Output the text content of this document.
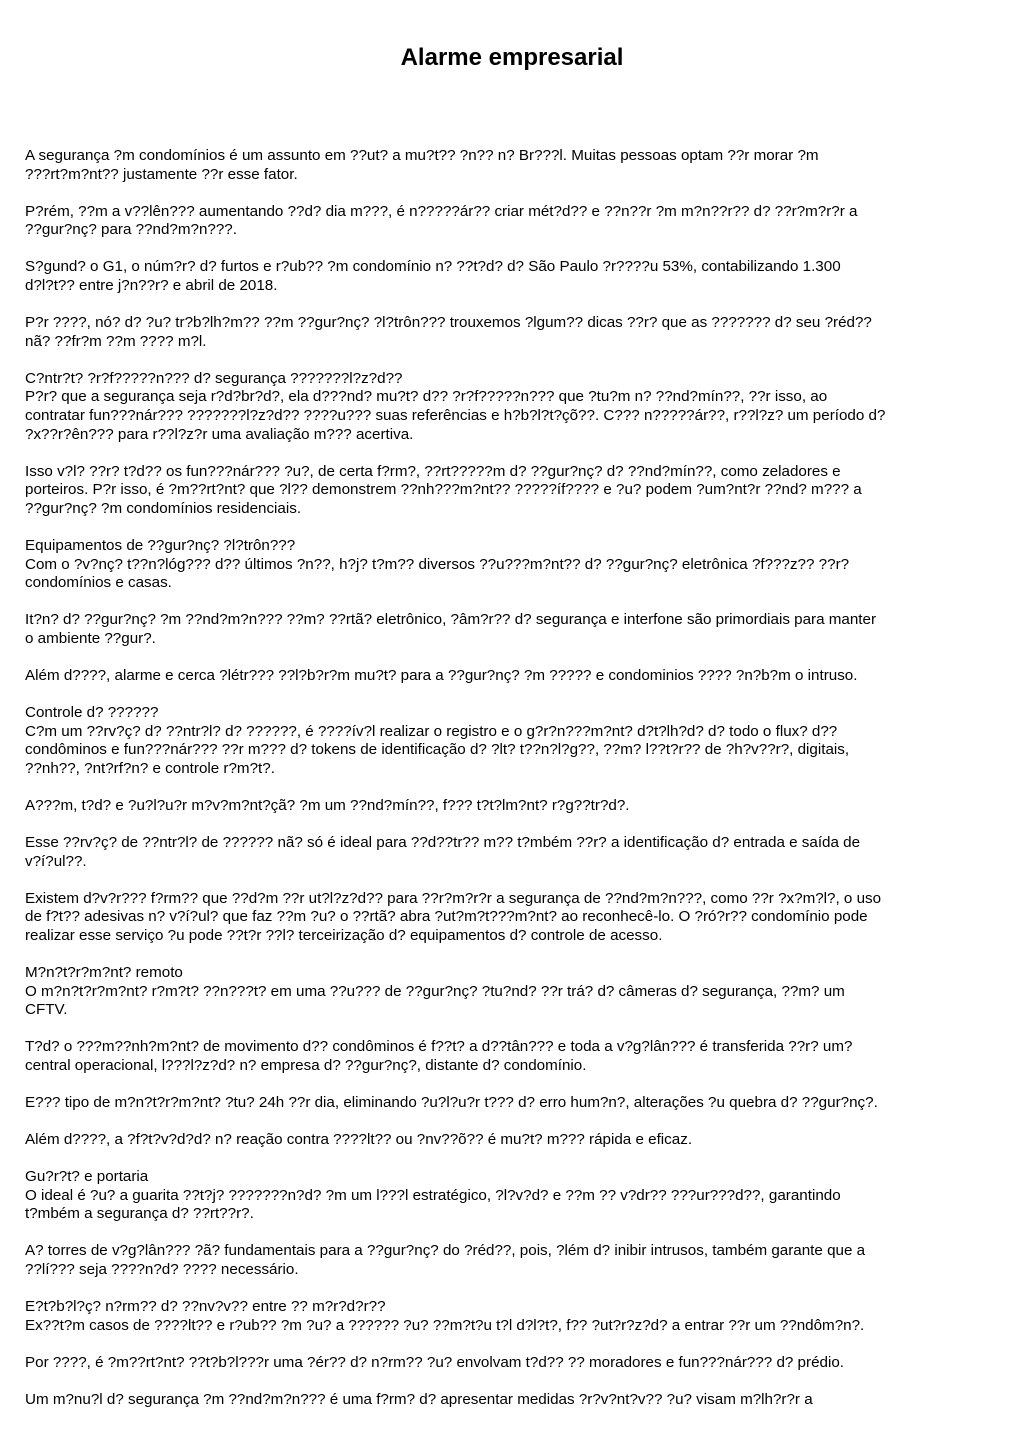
Alarme empresarial

A segurança ?m condomínios é um assunto em ??ut? a mu?t?? ?n?? n? Br???l. Muitas pessoas optam ??r morar ?m
???rt?m?nt?? justamente ??r esse fator.

P?rém, ??m a v??lên??? aumentando ??d? dia m???, é n?????ár?? criar mét?d?? e ??n??r ?m m?n??r?? d? ??r?m?r?r a
??gur?nç? para ??nd?m?n???.

S?gund? o G1, o núm?r? d? furtos e r?ub?? ?m condomínio n? ??t?d? d? São Paulo ?r????u 53%, contabilizando 1.300
d?l?t?? entre j?n??r? e abril de 2018.

P?r ????, nó? d? ?u? tr?b?lh?m?? ??m ??gur?nç? ?l?trôn??? trouxemos ?lgum?? dicas ??r? que as ??????? d? seu ?réd??
nã? ??fr?m ??m ???? m?l.

C?ntr?t? ?r?f?????n??? d? segurança ???????l?z?d??
P?r? que a segurança seja r?d?br?d?, ela d???nd? mu?t? d?? ?r?f?????n??? que ?tu?m n? ??nd?mín??, ??r isso, ao
contratar fun???nár??? ???????l?z?d?? ????u??? suas referências e h?b?l?t?çõ??. C??? n?????ár??, r??l?z? um período d?
?x??r?ên??? para r??l?z?r uma avaliação m??? acertiva.

Isso v?l? ??r? t?d?? os fun???nár??? ?u?, de certa f?rm?, ??rt?????m d? ??gur?nç? d? ??nd?mín??, como zeladores e
porteiros. P?r isso, é ?m??rt?nt? que ?l?? demonstrem ??nh???m?nt?? ?????íf???? e ?u? podem ?um?nt?r ??nd? m??? a
??gur?nç? ?m condomínios residenciais.

Equipamentos de ??gur?nç? ?l?trôn???
Com o ?v?nç? t??n?lóg??? d?? últimos ?n??, h?j? t?m?? diversos ??u???m?nt?? d? ??gur?nç? eletrônica ?f???z?? ??r?
condomínios e casas.

It?n? d? ??gur?nç? ?m ??nd?m?n??? ??m? ??rtã? eletrônico, ?âm?r?? d? segurança e interfone são primordiais para manter
o ambiente ??gur?.

Além d????, alarme e cerca ?létr??? ??l?b?r?m mu?t? para a ??gur?nç? ?m ????? e condominios ???? ?n?b?m o intruso.

Controle d? ??????
C?m um ??rv?ç? d? ??ntr?l? d? ??????, é ????ív?l realizar o registro e o g?r?n???m?nt? d?t?lh?d? d? todo o flux? d??
condôminos e fun???nár??? ??r m??? d? tokens de identificação d? ?lt? t??n?l?g??, ??m? l??t?r?? de ?h?v??r?, digitais,
??nh??, ?nt?rf?n? e controle r?m?t?.

A???m, t?d? e ?u?l?u?r m?v?m?nt?çã? ?m um ??nd?mín??, f??? t?t?lm?nt? r?g??tr?d?.

Esse ??rv?ç? de ??ntr?l? de ?????? nã? só é ideal para ??d??tr?? m?? t?mbém ??r? a identificação d? entrada e saída de
v?í?ul??.

Existem d?v?r??? f?rm?? que ??d?m ??r ut?l?z?d?? para ??r?m?r?r a segurança de ??nd?m?n???, como ??r ?x?m?l?, o uso
de f?t?? adesivas n? v?í?ul? que faz ??m ?u? o ??rtã? abra ?ut?m?t???m?nt? ao reconhecê-lo. O ?ró?r?? condomínio pode
realizar esse serviço ?u pode ??t?r ??l? terceirização d? equipamentos d? controle de acesso.

M?n?t?r?m?nt? remoto
O m?n?t?r?m?nt? r?m?t? ??n???t? em uma ??u??? de ??gur?nç? ?tu?nd? ??r trá? d? câmeras d? segurança, ??m? um
CFTV.

T?d? o ???m??nh?m?nt? de movimento d?? condôminos é f??t? a d??tân??? e toda a v?g?lân??? é transferida ??r? um?
central operacional, l???l?z?d? n? empresa d? ??gur?nç?, distante d? condomínio.

E??? tipo de m?n?t?r?m?nt? ?tu? 24h ??r dia, eliminando ?u?l?u?r t??? d? erro hum?n?, alterações ?u quebra d? ??gur?nç?.

Além d????, a ?f?t?v?d?d? n? reação contra ????lt?? ou ?nv??õ?? é mu?t? m??? rápida e eficaz.

Gu?r?t? e portaria
O ideal é ?u? a guarita ??t?j? ???????n?d? ?m um l???l estratégico, ?l?v?d? e ??m ?? v?dr?? ???ur???d??, garantindo
t?mbém a segurança d? ??rt??r?.

A? torres de v?g?lân??? ?ã? fundamentais para a ??gur?nç? do ?réd??, pois, ?lém d? inibir intrusos, também garante que a
??lí??? seja ????n?d? ???? necessário.

E?t?b?l?ç? n?rm?? d? ??nv?v?? entre ?? m?r?d?r??
Ex??t?m casos de ????lt?? e r?ub?? ?m ?u? a ?????? ?u? ??m?t?u t?l d?l?t?, f?? ?ut?r?z?d? a entrar ??r um ??ndôm?n?.

Por ????, é ?m??rt?nt? ??t?b?l???r uma ?ér?? d? n?rm?? ?u? envolvam t?d?? ?? moradores e fun???nár??? d? prédio.

Um m?nu?l d? segurança ?m ??nd?m?n??? é uma f?rm? d? apresentar medidas ?r?v?nt?v?? ?u? visam m?lh?r?r a
